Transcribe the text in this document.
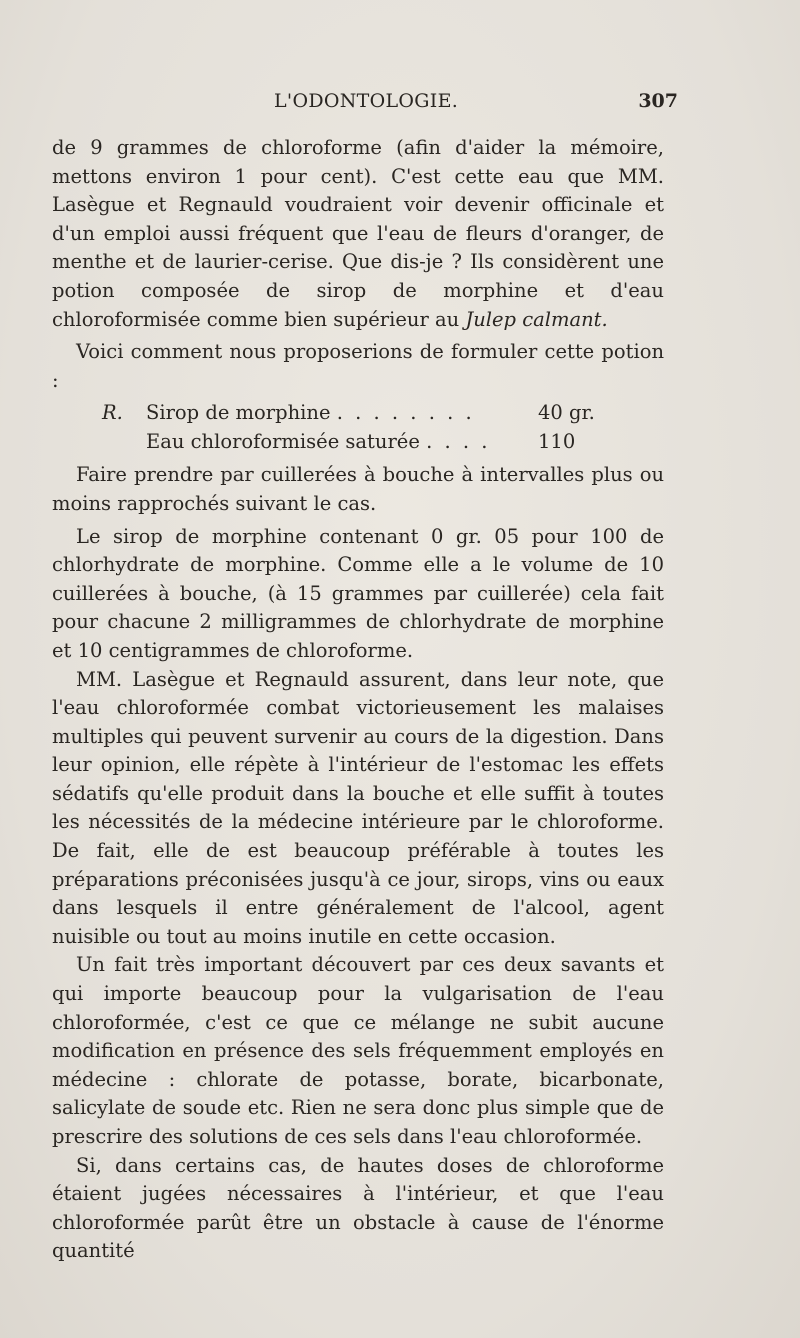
L'ODONTOLOGIE.	307

de 9 grammes de chloroforme (afin d'aider la mémoire, mettons environ 1 pour cent). C'est cette eau que MM. Lasègue et Regnauld voudraient voir devenir officinale et d'un emploi aussi fréquent que l'eau de fleurs d'oranger, de menthe et de laurier-cerise. Que dis-je ? Ils considèrent une potion composée de sirop de morphine et d'eau chloroformisée comme bien supérieur au Julep calmant.

Voici comment nous proposerions de formuler cette potion :

R. Sirop de morphine . . . . . . . .	40 gr.
Eau chloroformisée saturée . . . . 110

Faire prendre par cuillerées à bouche à intervalles plus ou moins rapprochés suivant le cas.

Le sirop de morphine contenant 0 gr. 05 pour 100 de chlorhydrate de morphine. Comme elle a le volume de 10 cuillerées à bouche, (à 15 grammes par cuillerée) cela fait pour chacune 2 milligrammes de chlorhydrate de morphine et 10 centigrammes de chloroforme.

MM. Lasègue et Regnauld assurent, dans leur note, que l'eau chloroformée combat victorieusement les malaises multiples qui peuvent survenir au cours de la digestion. Dans leur opinion, elle répète à l'intérieur de l'estomac les effets sédatifs qu'elle produit dans la bouche et elle suffit à toutes les nécessités de la médecine intérieure par le chloroforme. De fait, elle de est beaucoup préférable à toutes les préparations préconisées jusqu'à ce jour, sirops, vins ou eaux dans lesquels il entre généralement de l'alcool, agent nuisible ou tout au moins inutile en cette occasion.

Un fait très important découvert par ces deux savants et qui importe beaucoup pour la vulgarisation de l'eau chloroformée, c'est ce que ce mélange ne subit aucune modification en présence des sels fréquemment employés en médecine : chlorate de potasse, borate, bicarbonate, salicylate de soude etc. Rien ne sera donc plus simple que de prescrire des solutions de ces sels dans l'eau chloroformée.

Si, dans certains cas, de hautes doses de chloroforme étaient jugées nécessaires à l'intérieur, et que l'eau chloroformée parût être un obstacle à cause de l'énorme quantité
